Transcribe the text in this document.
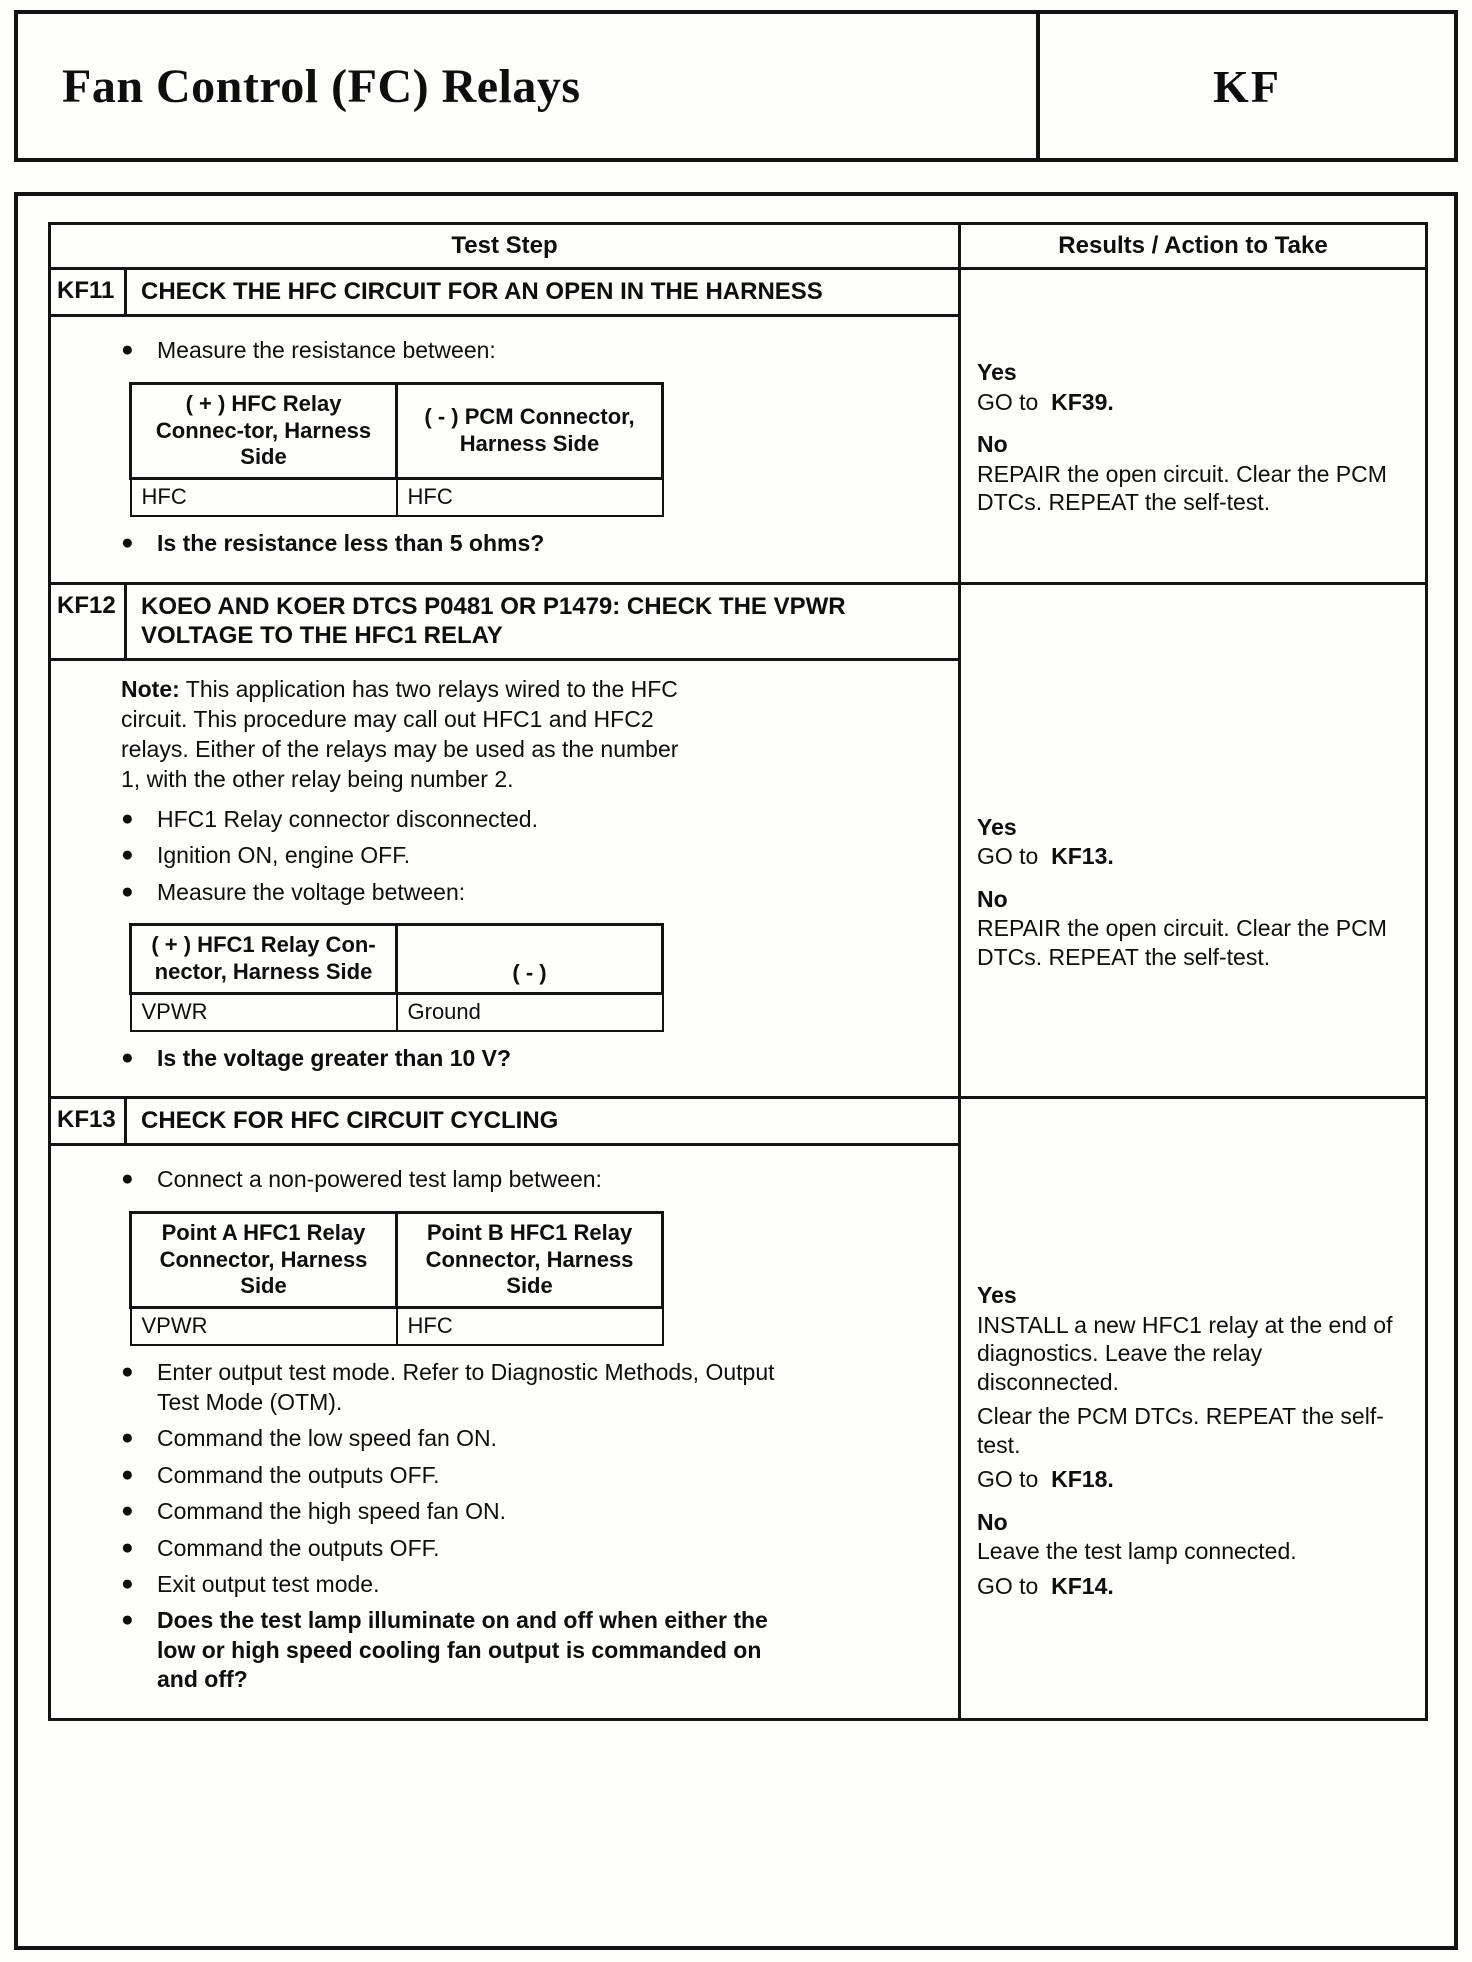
Fan Control (FC) Relays	KF
Test Step	Results / Action to Take
KF11	CHECK THE HFC CIRCUIT FOR AN OPEN IN THE HARNESS
●	Measure the resistance between:
( + ) HFC Relay Connec-tor, Harness Side	( - ) PCM Connector, Harness Side
HFC	HFC
●	Is the resistance less than 5 ohms?
Yes
GO to KF39.
No
REPAIR the open circuit. Clear the PCM DTCs. REPEAT the self-test.
KF12	KOEO AND KOER DTCS P0481 OR P1479: CHECK THE VPWR VOLTAGE TO THE HFC1 RELAY
Note: This application has two relays wired to the HFC circuit. This procedure may call out HFC1 and HFC2 relays. Either of the relays may be used as the number 1, with the other relay being number 2.
●	HFC1 Relay connector disconnected.
●	Ignition ON, engine OFF.
●	Measure the voltage between:
( + ) HFC1 Relay Con-nector, Harness Side	( - )
VPWR	Ground
●	Is the voltage greater than 10 V?
Yes
GO to KF13.
No
REPAIR the open circuit. Clear the PCM DTCs. REPEAT the self-test.
KF13	CHECK FOR HFC CIRCUIT CYCLING
●	Connect a non-powered test lamp between:
Point A HFC1 Relay Connector, Harness Side	Point B HFC1 Relay Connector, Harness Side
VPWR	HFC
●	Enter output test mode. Refer to Diagnostic Methods, Output Test Mode (OTM).
●	Command the low speed fan ON.
●	Command the outputs OFF.
●	Command the high speed fan ON.
●	Command the outputs OFF.
●	Exit output test mode.
●	Does the test lamp illuminate on and off when either the low or high speed cooling fan output is commanded on and off?
Yes
INSTALL a new HFC1 relay at the end of diagnostics. Leave the relay disconnected.
Clear the PCM DTCs. REPEAT the self-test.
GO to KF18.
No
Leave the test lamp connected.
GO to KF14.
